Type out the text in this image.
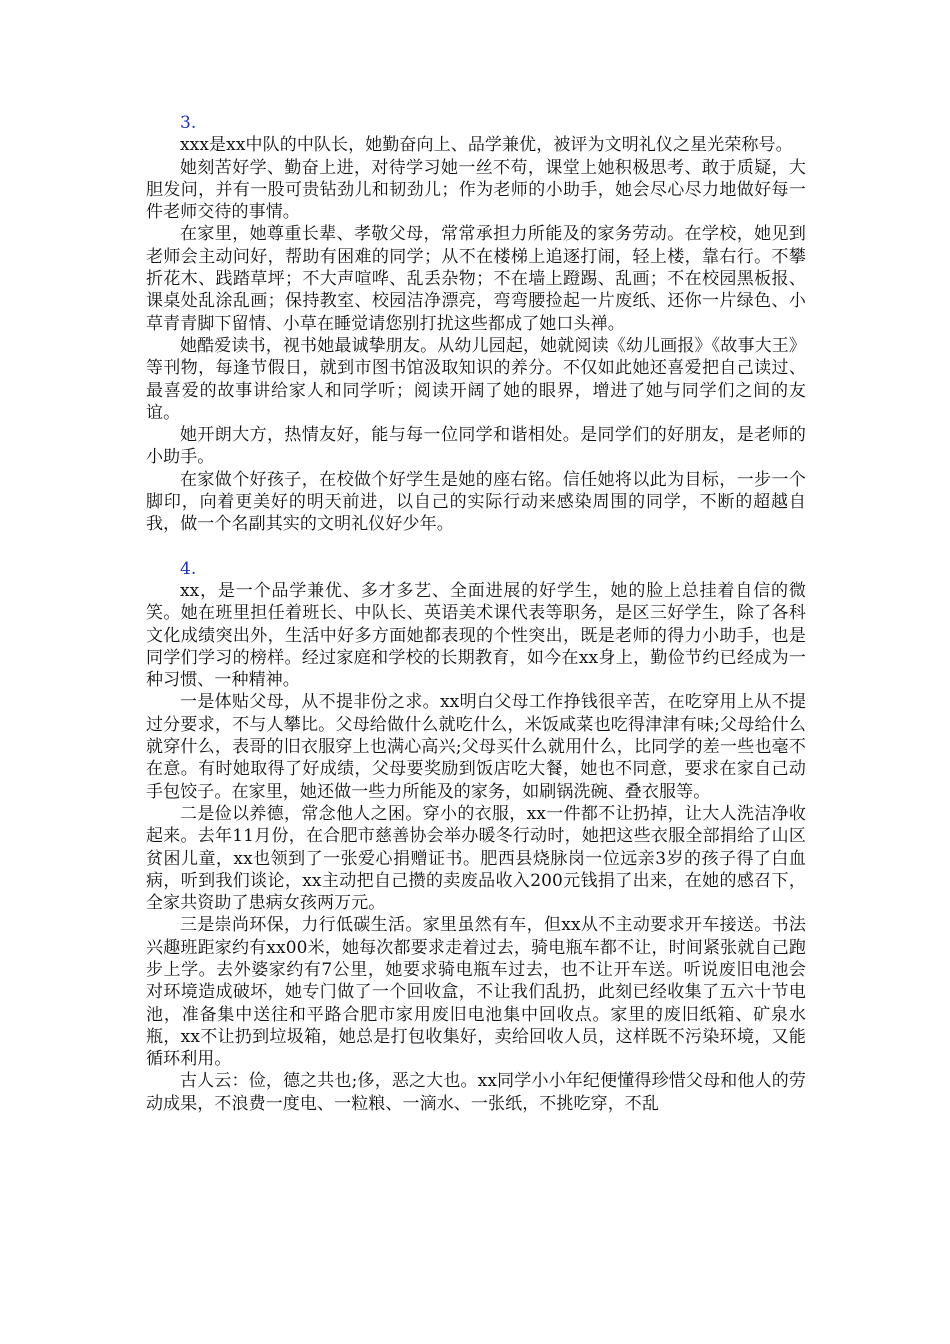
3.

xxx是xx中队的中队长，她勤奋向上、品学兼优，被评为文明礼仪之星光荣称号。

她刻苦好学、勤奋上进，对待学习她一丝不苟，课堂上她积极思考、敢于质疑，大胆发问，并有一股可贵钻劲儿和韧劲儿；作为老师的小助手，她会尽心尽力地做好每一件老师交待的事情。

在家里，她尊重长辈、孝敬父母，常常承担力所能及的家务劳动。在学校，她见到老师会主动问好，帮助有困难的同学；从不在楼梯上追逐打闹，轻上楼，靠右行。不攀折花木、践踏草坪；不大声喧哗、乱丢杂物；不在墙上蹬踢、乱画；不在校园黑板报、课桌处乱涂乱画；保持教室、校园洁净漂亮，弯弯腰捡起一片废纸、还你一片绿色、小草青青脚下留情、小草在睡觉请您别打扰这些都成了她口头禅。

她酷爱读书，视书她最诚挚朋友。从幼儿园起，她就阅读《幼儿画报》《故事大王》等刊物，每逢节假日，就到市图书馆汲取知识的养分。不仅如此她还喜爱把自己读过、最喜爱的故事讲给家人和同学听；阅读开阔了她的眼界，增进了她与同学们之间的友谊。

她开朗大方，热情友好，能与每一位同学和谐相处。是同学们的好朋友，是老师的小助手。

在家做个好孩子，在校做个好学生是她的座右铭。信任她将以此为目标，一步一个脚印，向着更美好的明天前进，以自己的实际行动来感染周围的同学，不断的超越自我，做一个名副其实的文明礼仪好少年。

4.

xx，是一个品学兼优、多才多艺、全面进展的好学生，她的脸上总挂着自信的微笑。她在班里担任着班长、中队长、英语美术课代表等职务，是区三好学生，除了各科文化成绩突出外，生活中好多方面她都表现的个性突出，既是老师的得力小助手，也是同学们学习的榜样。经过家庭和学校的长期教育，如今在xx身上，勤俭节约已经成为一种习惯、一种精神。

一是体贴父母，从不提非份之求。xx明白父母工作挣钱很辛苦，在吃穿用上从不提过分要求，不与人攀比。父母给做什么就吃什么，米饭咸菜也吃得津津有味;父母给什么就穿什么，表哥的旧衣服穿上也满心高兴;父母买什么就用什么，比同学的差一些也毫不在意。有时她取得了好成绩，父母要奖励到饭店吃大餐，她也不同意，要求在家自己动手包饺子。在家里，她还做一些力所能及的家务，如刷锅洗碗、叠衣服等。

二是俭以养德，常念他人之困。穿小的衣服，xx一件都不让扔掉，让大人洗洁净收起来。去年11月份，在合肥市慈善协会举办暖冬行动时，她把这些衣服全部捐给了山区贫困儿童，xx也领到了一张爱心捐赠证书。肥西县烧脉岗一位远亲3岁的孩子得了白血病，听到我们谈论，xx主动把自己攒的卖废品收入200元钱捐了出来，在她的感召下，全家共资助了患病女孩两万元。

三是崇尚环保，力行低碳生活。家里虽然有车，但xx从不主动要求开车接送。书法兴趣班距家约有xx00米，她每次都要求走着过去，骑电瓶车都不让，时间紧张就自己跑步上学。去外婆家约有7公里，她要求骑电瓶车过去，也不让开车送。听说废旧电池会对环境造成破坏，她专门做了一个回收盒，不让我们乱扔，此刻已经收集了五六十节电池，准备集中送往和平路合肥市家用废旧电池集中回收点。家里的废旧纸箱、矿泉水瓶，xx不让扔到垃圾箱，她总是打包收集好，卖给回收人员，这样既不污染环境，又能循环利用。

古人云：俭，德之共也;侈，恶之大也。xx同学小小年纪便懂得珍惜父母和他人的劳动成果，不浪费一度电、一粒粮、一滴水、一张纸，不挑吃穿，不乱
